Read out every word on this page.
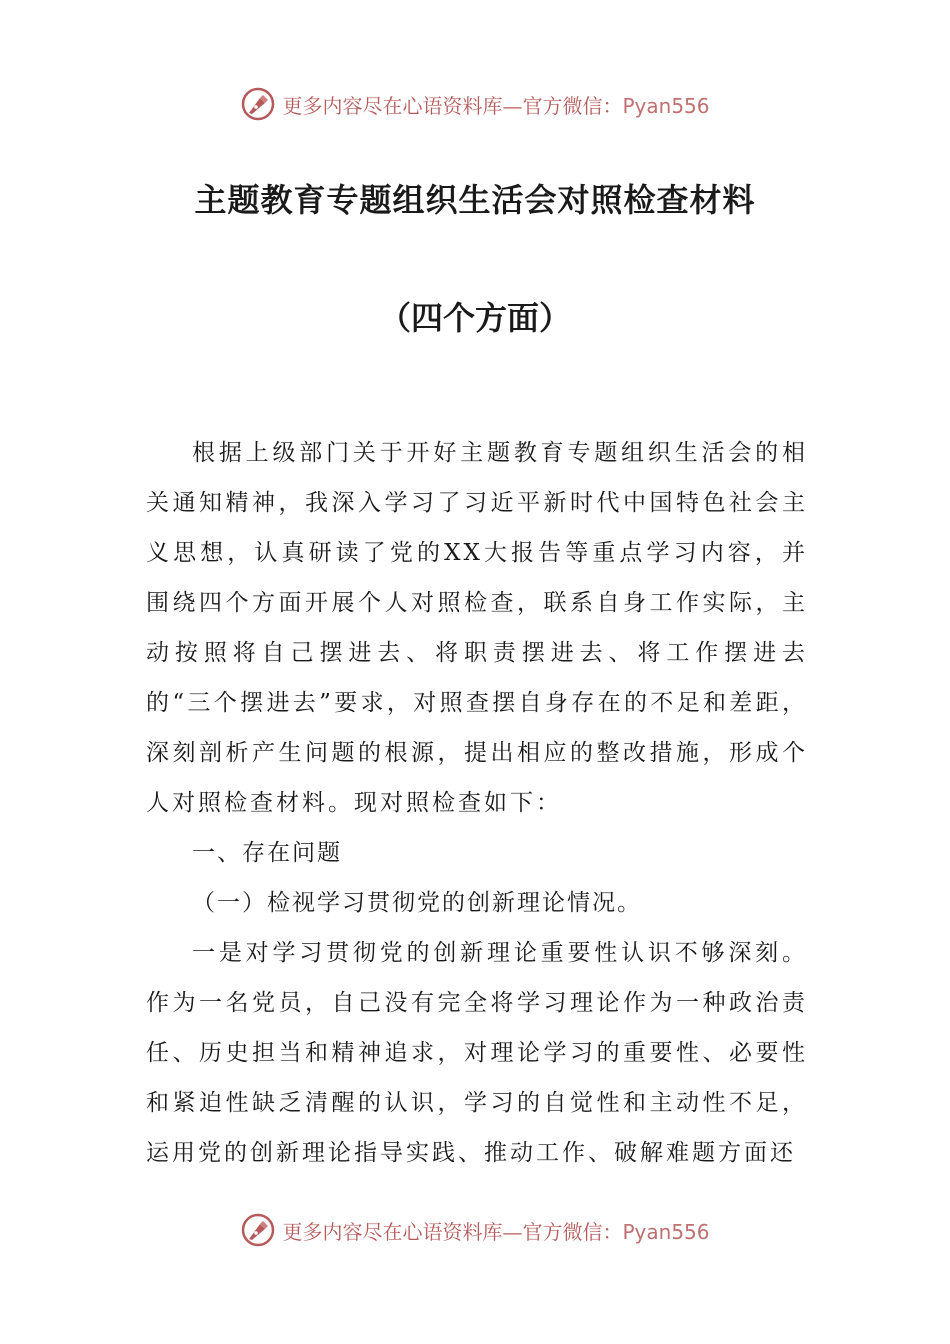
更多内容尽在心语资料库—官方微信：Pyan556
主题教育专题组织生活会对照检查材料
（四个方面）

根据上级部门关于开好主题教育专题组织生活会的相关通知精神，我深入学习了习近平新时代中国特色社会主义思想，认真研读了党的XX大报告等重点学习内容，并围绕四个方面开展个人对照检查，联系自身工作实际，主动按照将自己摆进去、将职责摆进去、将工作摆进去的“三个摆进去”要求，对照查摆自身存在的不足和差距，深刻剖析产生问题的根源，提出相应的整改措施，形成个人对照检查材料。现对照检查如下：

一、存在问题

（一）检视学习贯彻党的创新理论情况。

一是对学习贯彻党的创新理论重要性认识不够深刻。作为一名党员，自己没有完全将学习理论作为一种政治责任、历史担当和精神追求，对理论学习的重要性、必要性和紧迫性缺乏清醒的认识，学习的自觉性和主动性不足，运用党的创新理论指导实践、推动工作、破解难题方面还

更多内容尽在心语资料库—官方微信：Pyan556
